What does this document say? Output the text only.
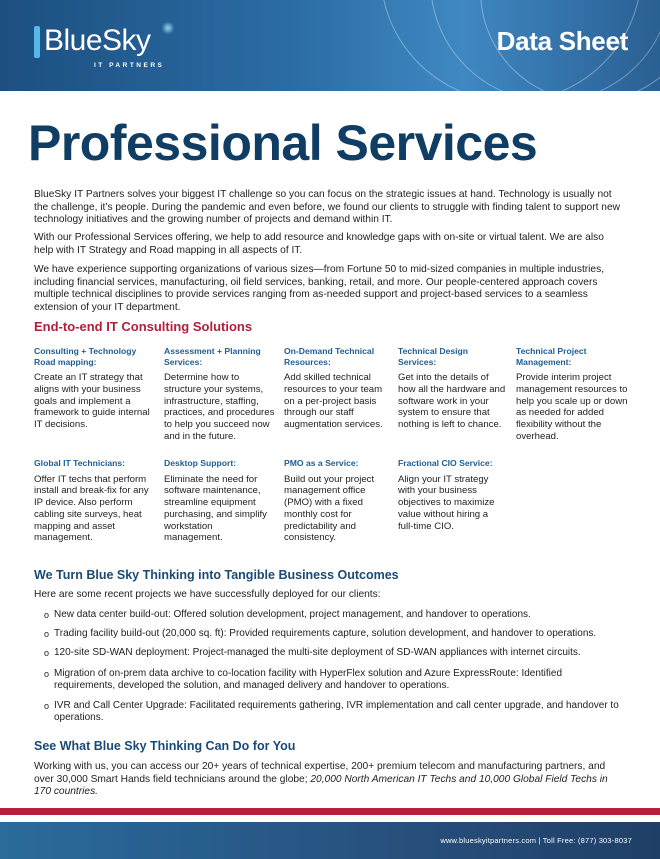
BlueSky
IT PARTNERS
Data Sheet
Professional Services

BlueSky IT Partners solves your biggest IT challenge so you can focus on the strategic issues at hand. Technology is usually not the challenge, it’s people. During the pandemic and even before, we found our clients to struggle with finding talent to support new technology initiatives and the growing number of projects and demand within IT.

With our Professional Services offering, we help to add resource and knowledge gaps with on-site or virtual talent. We are also help with IT Strategy and Road mapping in all aspects of IT.

We have experience supporting organizations of various sizes—from Fortune 50 to mid-sized companies in multiple industries, including financial services, manufacturing, oil field services, banking, retail, and more. Our people-centered approach covers multiple technical disciplines to provide services ranging from as-needed support and project-based services to a seamless extension of your IT department.

End-to-end IT Consulting Solutions
Consulting + Technology Road mapping:
Create an IT strategy that aligns with your business goals and implement a framework to guide internal IT decisions.
Assessment + Planning Services:
Determine how to structure your systems, infrastructure, staffing, practices, and procedures to help you succeed now and in the future.
On-Demand Technical Resources:
Add skilled technical resources to your team on a per-project basis through our staff augmentation services.
Technical Design Services:
Get into the details of how all the hardware and software work in your system to ensure that nothing is left to chance.
Technical Project Management:
Provide interim project management resources to help you scale up or down as needed for added flexibility without the overhead.
Global IT Technicians:
Offer IT techs that perform install and break-fix for any IP device. Also perform cabling site surveys, heat mapping and asset management.
Desktop Support:
Eliminate the need for software maintenance, streamline equipment purchasing, and simplify workstation management.
PMO as a Service:
Build out your project management office (PMO) with a fixed monthly cost for predictability and consistency.
Fractional CIO Service:
Align your IT strategy with your business objectives to maximize value without hiring a full-time CIO.
We Turn Blue Sky Thinking into Tangible Business Outcomes

Here are some recent projects we have successfully deployed for our clients:

o New data center build-out: Offered solution development, project management, and handover to operations.
o Trading facility build-out (20,000 sq. ft): Provided requirements capture, solution development, and handover to operations.
o 120-site SD-WAN deployment: Project-managed the multi-site deployment of SD-WAN appliances with internet circuits.
o Migration of on-prem data archive to co-location facility with HyperFlex solution and Azure ExpressRoute: Identified requirements, developed the solution, and managed delivery and handover to operations.
o IVR and Call Center Upgrade: Facilitated requirements gathering, IVR implementation and call center upgrade, and handover to operations.
See What Blue Sky Thinking Can Do for You

Working with us, you can access our 20+ years of technical expertise, 200+ premium telecom and manufacturing partners, and over 30,000 Smart Hands field technicians around the globe; 20,000 North American IT Techs and 10,000 Global Field Techs in 170 countries.

www.blueskyitpartners.com | Toll Free: (877) 303-8037
